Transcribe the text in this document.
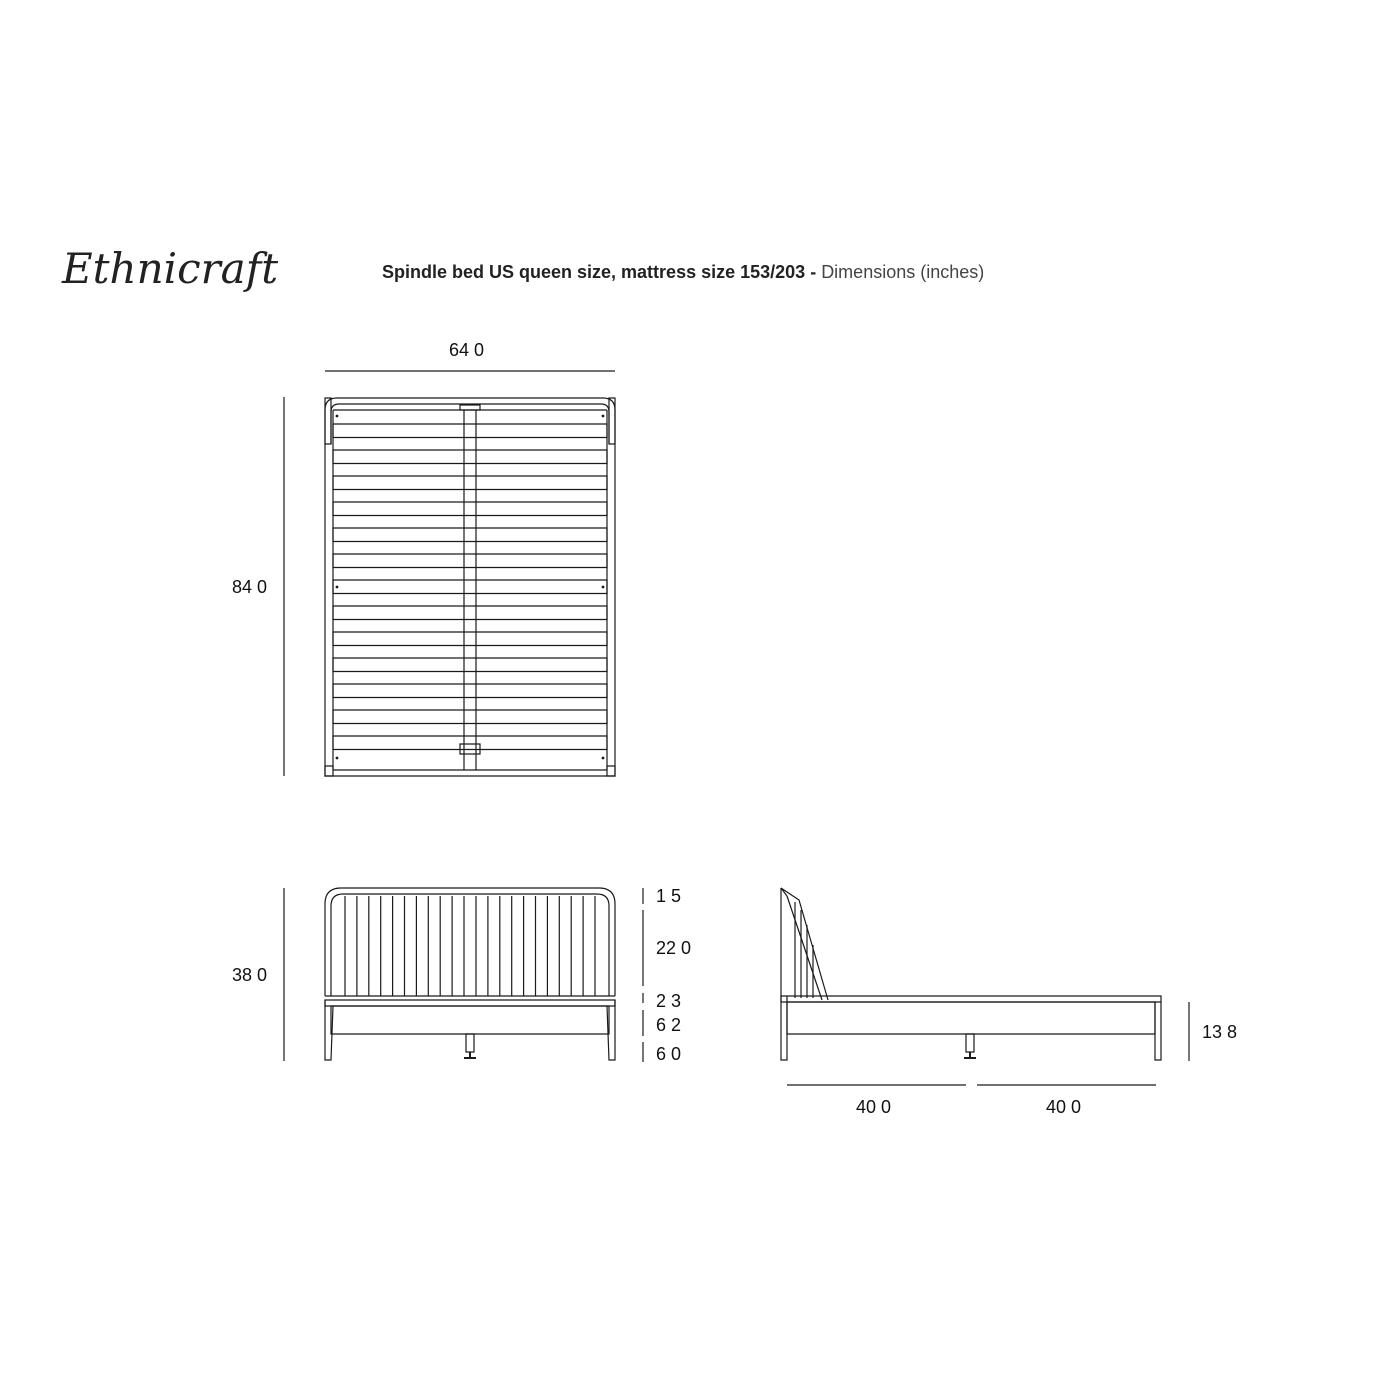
Ethnicraft	Spindle bed US queen size, mattress size 153/203 - Dimensions (inches)
64 0
84 0
38 0
1 5
22 0
2 3
6 2
6 0
13 8
40 0	40 0
